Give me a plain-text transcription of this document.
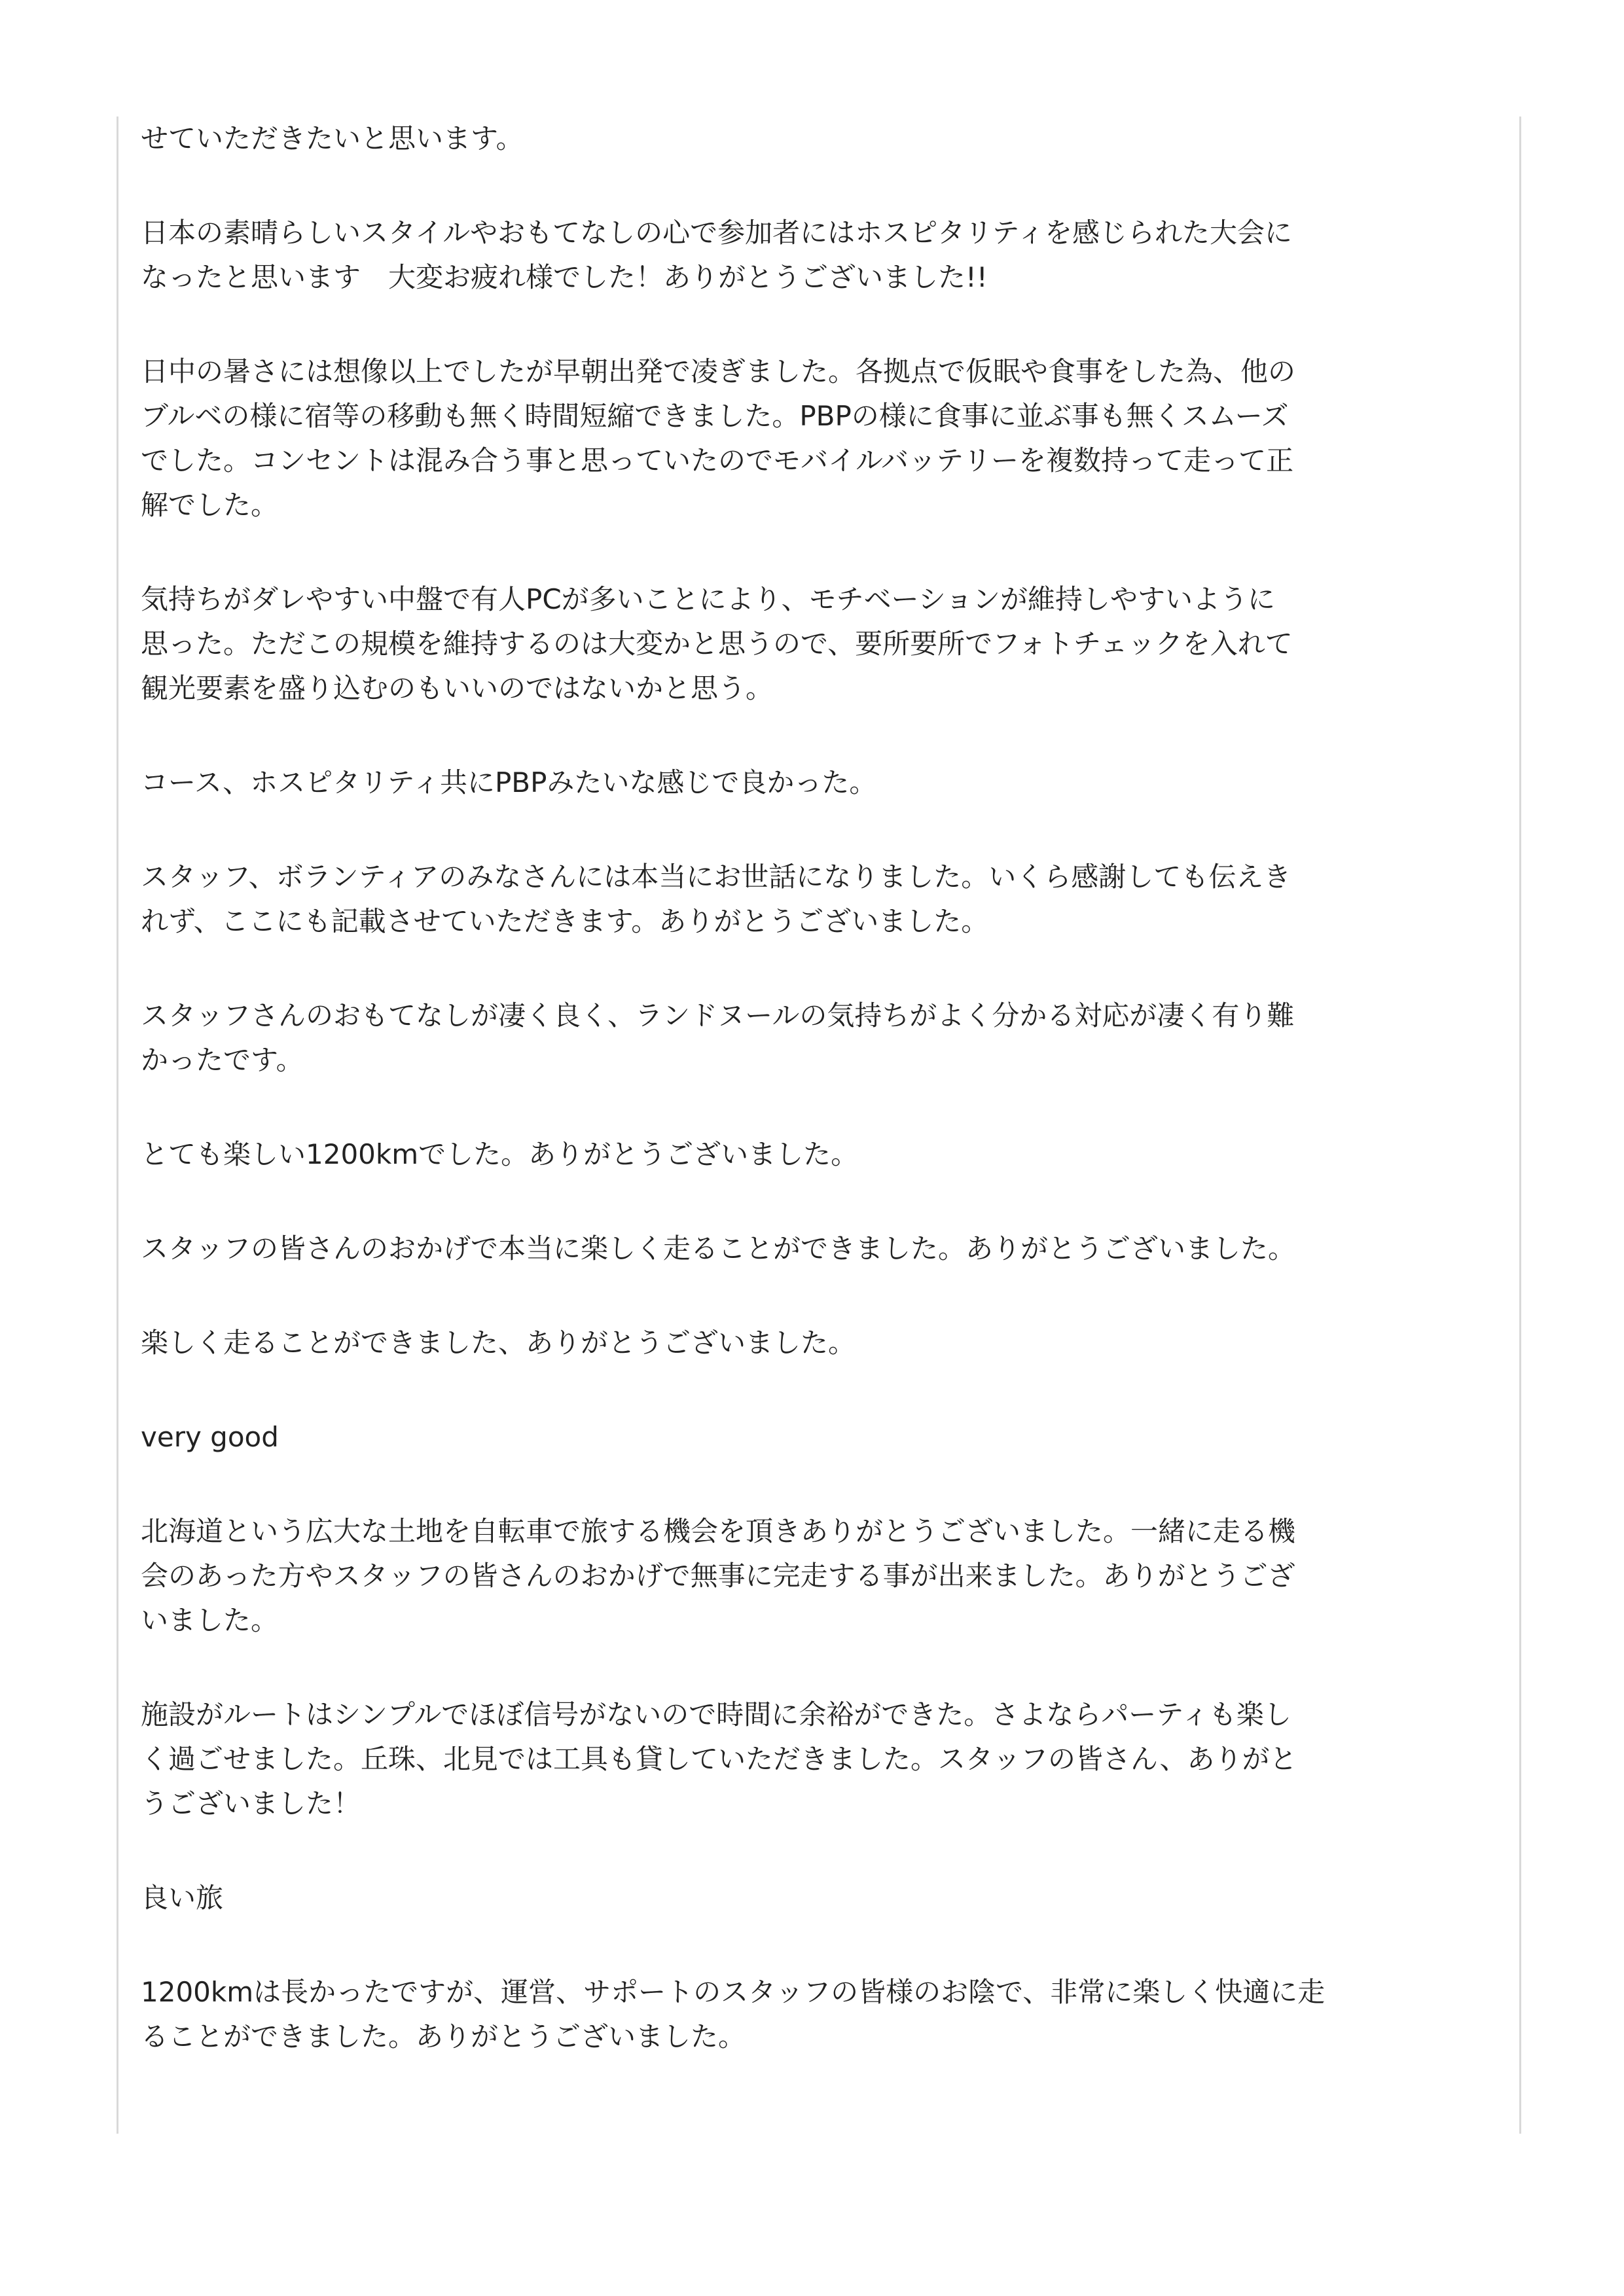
せていただきたいと思います。
日本の素晴らしいスタイルやおもてなしの心で参加者にはホスピタリティを感じられた大会に
なったと思います　大変お疲れ様でした！ありがとうございました!!
日中の暑さには想像以上でしたが早朝出発で凌ぎました。各拠点で仮眠や食事をした為、他の
ブルベの様に宿等の移動も無く時間短縮できました。PBPの様に食事に並ぶ事も無くスムーズ
でした。コンセントは混み合う事と思っていたのでモバイルバッテリーを複数持って走って正
解でした。
気持ちがダレやすい中盤で有人PCが多いことにより、モチベーションが維持しやすいように
思った。ただこの規模を維持するのは大変かと思うので、要所要所でフォトチェックを入れて
観光要素を盛り込むのもいいのではないかと思う。
コース、ホスピタリティ共にPBPみたいな感じで良かった。
スタッフ、ボランティアのみなさんには本当にお世話になりました。いくら感謝しても伝えき
れず、ここにも記載させていただきます。ありがとうございました。
スタッフさんのおもてなしが凄く良く、ランドヌールの気持ちがよく分かる対応が凄く有り難
かったです。
とても楽しい1200kmでした。ありがとうございました。
スタッフの皆さんのおかげで本当に楽しく走ることができました。ありがとうございました。
楽しく走ることができました、ありがとうございました。
very good
北海道という広大な土地を自転車で旅する機会を頂きありがとうございました。一緒に走る機
会のあった方やスタッフの皆さんのおかげで無事に完走する事が出来ました。ありがとうござ
いました。
施設がルートはシンプルでほぼ信号がないので時間に余裕ができた。さよならパーティも楽し
く過ごせました。丘珠、北見では工具も貸していただきました。スタッフの皆さん、ありがと
うございました！
良い旅
1200kmは長かったですが、運営、サポートのスタッフの皆様のお陰で、非常に楽しく快適に走
ることができました。ありがとうございました。
